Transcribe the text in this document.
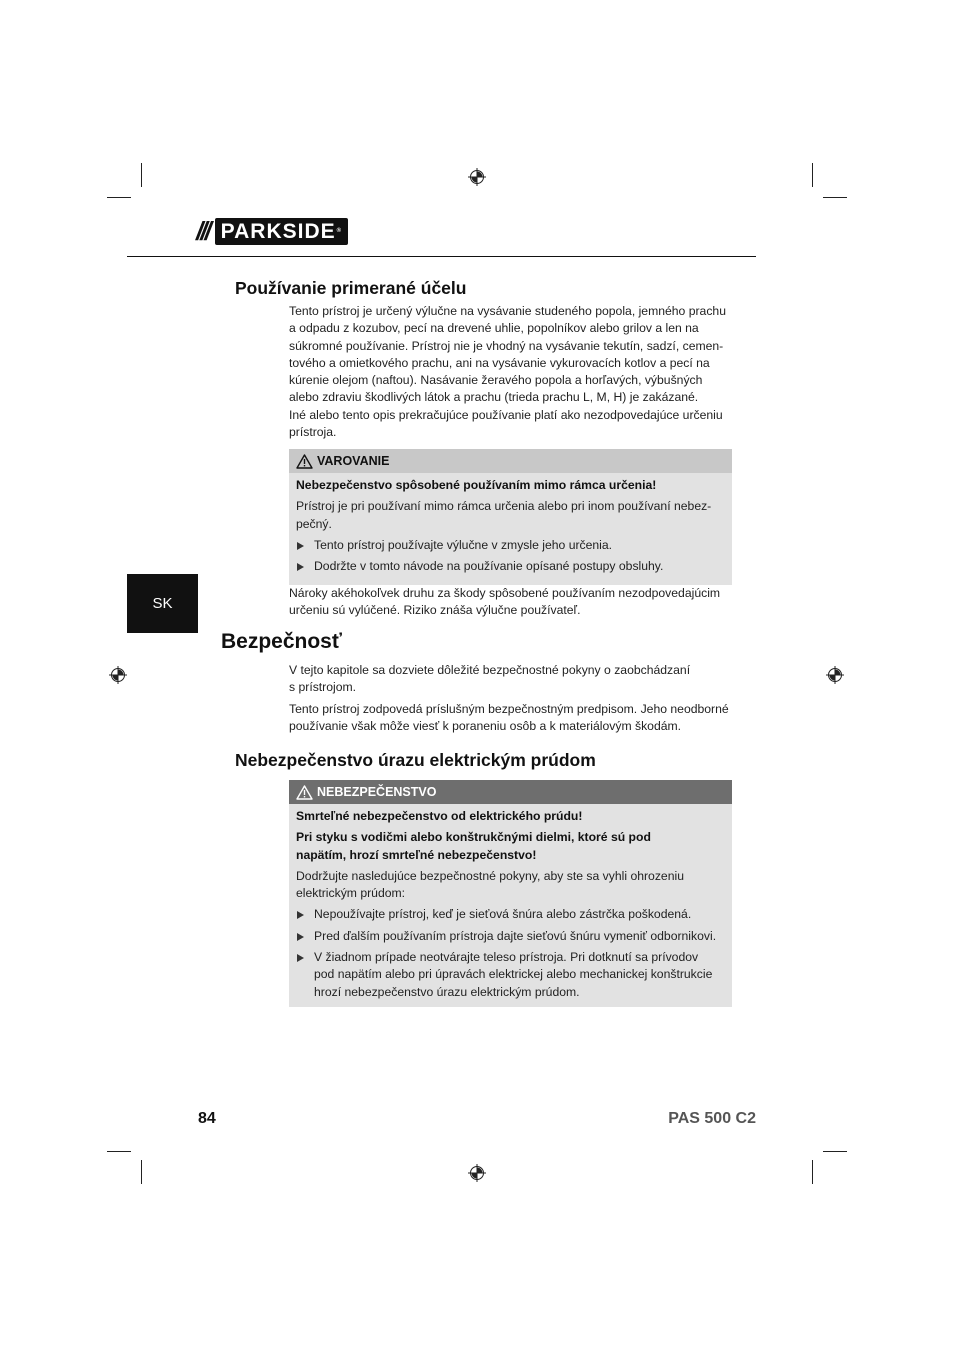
/// PARKSIDE®
Používanie primerané účelu

Tento prístroj je určený výlučne na vysávanie studeného popola, jemného prachu
a odpadu z kozubov, pecí na drevené uhlie, popolníkov alebo grilov a len na
súkromné používanie. Prístroj nie je vhodný na vysávanie tekutín, sadzí, cemen-
tového a omietkového prachu, ani na vysávanie vykurovacích kotlov a pecí na
kúrenie olejom (naftou). Nasávanie žeravého popola a horľavých, výbušných
alebo zdraviu škodlivých látok a prachu (trieda prachu L, M, H) je zakázané.
Iné alebo tento opis prekračujúce používanie platí ako nezodpovedajúce určeniu
prístroja.

VAROVANIE
Nebezpečenstvo spôsobené používaním mimo rámca určenia!

Prístroj je pri používaní mimo rámca určenia alebo pri inom používaní nebez-
pečný.

Tento prístroj používajte výlučne v zmysle jeho určenia.
Dodržte v tomto návode na používanie opísané postupy obsluhy.

Nároky akéhokoľvek druhu za škody spôsobené používaním nezodpovedajúcim
určeniu sú vylúčené. Riziko znáša výlučne používateľ.

SK
Bezpečnosť

V tejto kapitole sa dozviete dôležité bezpečnostné pokyny o zaobchádzaní
s prístrojom.

Tento prístroj zodpovedá príslušným bezpečnostným predpisom. Jeho neodborné
používanie však môže viesť k poraneniu osôb a k materiálovým škodám.

Nebezpečenstvo úrazu elektrickým prúdom
NEBEZPEČENSTVO
Smrteľné nebezpečenstvo od elektrického prúdu!
Pri styku s vodičmi alebo konštrukčnými dielmi, ktoré sú pod
napätím, hrozí smrteľné nebezpečenstvo!

Dodržujte nasledujúce bezpečnostné pokyny, aby ste sa vyhli ohrozeniu
elektrickým prúdom:

Nepoužívajte prístroj, keď je sieťová šnúra alebo zástrčka poškodená.
Pred ďalším používaním prístroja dajte sieťovú šnúru vymeniť odbornikovi.
V žiadnom prípade neotvárajte teleso prístroja. Pri dotknutí sa prívodov
pod napätím alebo pri úpravách elektrickej alebo mechanickej konštrukcie
hrozí nebezpečenstvo úrazu elektrickým prúdom.
84	PAS 500 C2
